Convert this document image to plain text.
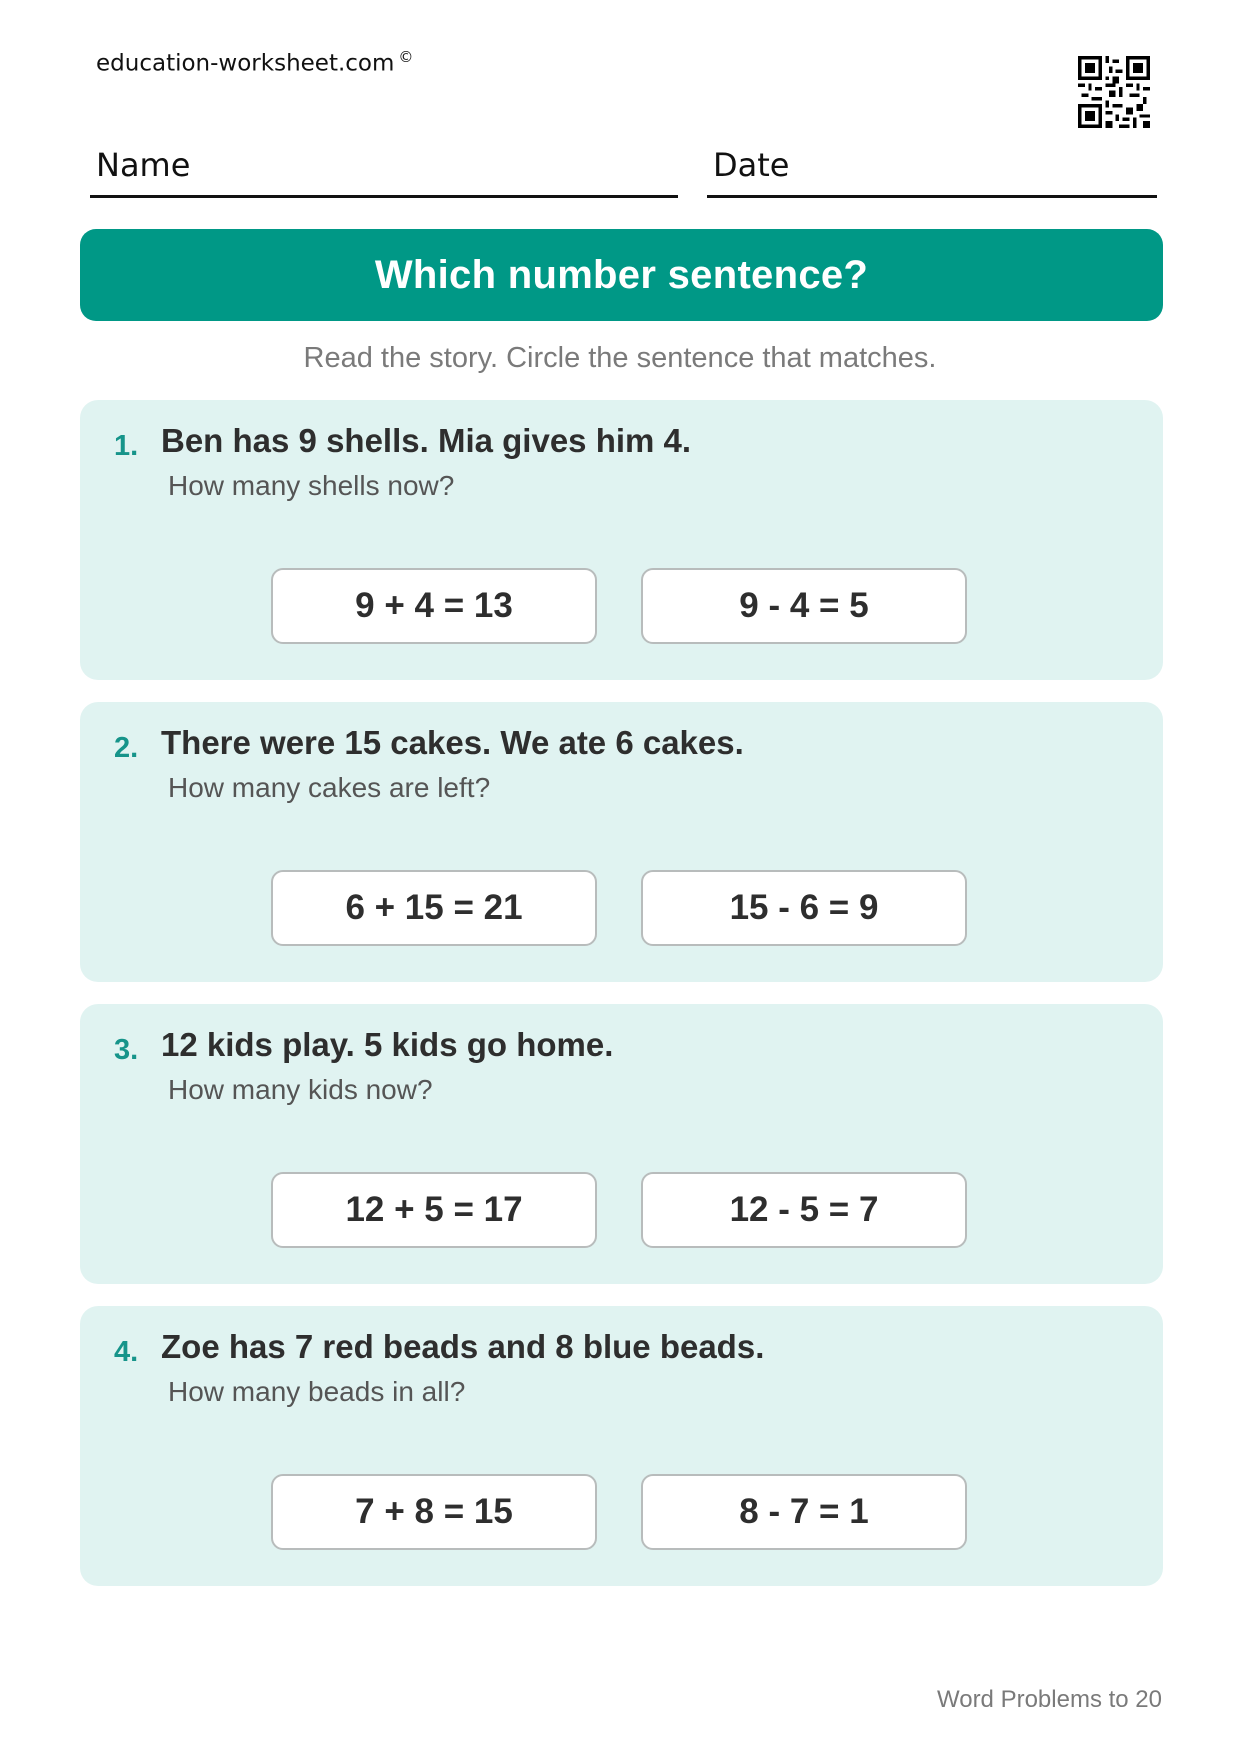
education-worksheet.com ©
Name	Date
Which number sentence?
Read the story. Circle the sentence that matches.
1. Ben has 9 shells. Mia gives him 4.
How many shells now?
9 + 4 = 13	9 - 4 = 5
2. There were 15 cakes. We ate 6 cakes.
How many cakes are left?
6 + 15 = 21	15 - 6 = 9
3. 12 kids play. 5 kids go home.
How many kids now?
12 + 5 = 17	12 - 5 = 7
4. Zoe has 7 red beads and 8 blue beads.
How many beads in all?
7 + 8 = 15	8 - 7 = 1
Word Problems to 20
